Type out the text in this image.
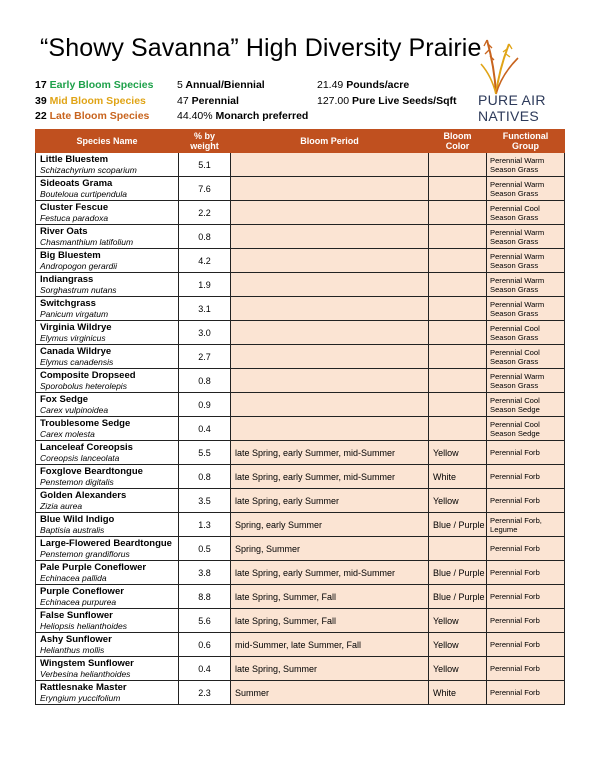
“Showy Savanna” High Diversity Prairie
17 Early Bloom Species
39 Mid Bloom Species
22 Late Bloom Species
5 Annual/Biennial
47 Perennial
44.40% Monarch preferred
21.49 Pounds/acre
127.00 Pure Live Seeds/Sqft PURE AIR
NATIVES
Species Name	% by weight	Bloom Period	Bloom Color	Functional Group

Little Bluestem
Schizachyrium scoparium	5.1			Perennial Warm Season Grass

Sideoats Grama
Bouteloua curtipendula	7.6			Perennial Warm Season Grass

Cluster Fescue
Festuca paradoxa	2.2			Perennial Cool Season Grass

River Oats
Chasmanthium latifolium	0.8			Perennial Warm Season Grass

Big Bluestem
Andropogon gerardii	4.2			Perennial Warm Season Grass

Indiangrass
Sorghastrum nutans	1.9			Perennial Warm Season Grass

Switchgrass
Panicum virgatum	3.1			Perennial Warm Season Grass

Virginia Wildrye
Elymus virginicus	3.0			Perennial Cool Season Grass

Canada Wildrye
Elymus canadensis	2.7			Perennial Cool Season Grass

Composite Dropseed
Sporobolus heterolepis	0.8			Perennial Warm Season Grass

Fox Sedge
Carex vulpinoidea	0.9			Perennial Cool Season Sedge

Troublesome Sedge
Carex molesta	0.4			Perennial Cool Season Sedge

Lanceleaf Coreopsis
Coreopsis lanceolata	5.5	late Spring, early Summer, mid-Summer	Yellow	Perennial Forb

Foxglove Beardtongue
Penstemon digitalis	0.8	late Spring, early Summer, mid-Summer	White	Perennial Forb

Golden Alexanders
Zizia aurea	3.5	late Spring, early Summer	Yellow	Perennial Forb

Blue Wild Indigo
Baptisia australis	1.3	Spring, early Summer	Blue / Purple	Perennial Forb, Legume

Large-Flowered Beardtongue
Penstemon grandiflorus	0.5	Spring, Summer		Perennial Forb

Pale Purple Coneflower
Echinacea pallida	3.8	late Spring, early Summer, mid-Summer	Blue / Purple	Perennial Forb

Purple Coneflower
Echinacea purpurea	8.8	late Spring, Summer, Fall	Blue / Purple	Perennial Forb

False Sunflower
Heliopsis helianthoides	5.6	late Spring, Summer, Fall	Yellow	Perennial Forb

Ashy Sunflower
Helianthus mollis	0.6	mid-Summer, late Summer, Fall	Yellow	Perennial Forb

Wingstem Sunflower
Verbesina helianthoides	0.4	late Spring, Summer	Yellow	Perennial Forb

Rattlesnake Master
Eryngium yuccifolium	2.3	Summer	White	Perennial Forb
